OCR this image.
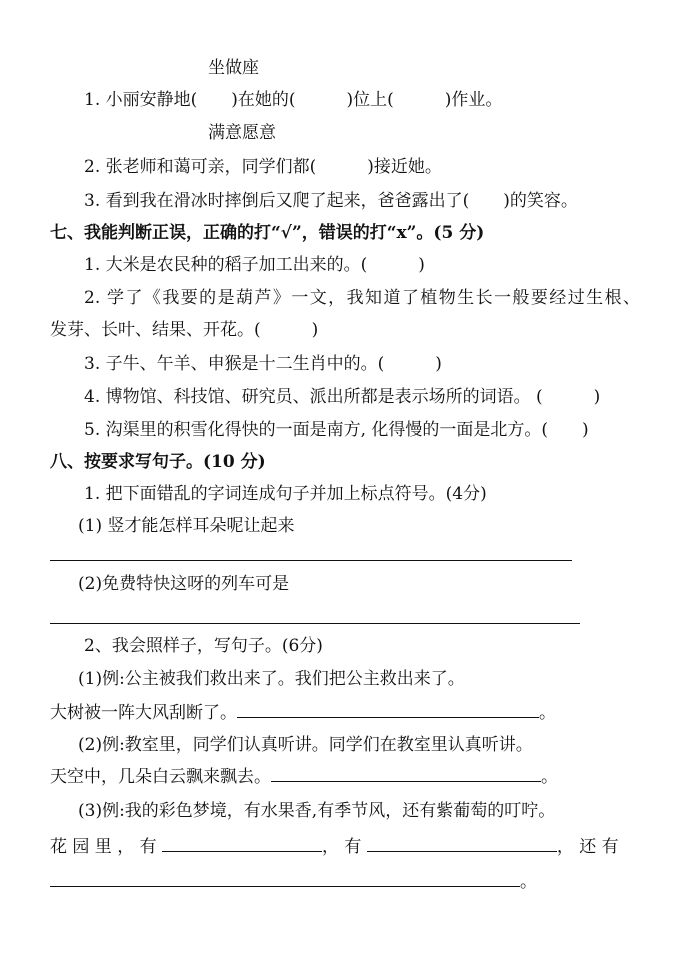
坐做座
1. 小丽安静地(　　)在她的(　　　)位上(　　　)作业。
满意愿意
2. 张老师和蔼可亲，同学们都(　　　)接近她。
3. 看到我在滑冰时摔倒后又爬了起来，爸爸露出了(　　)的笑容。
七、我能判断正误，正确的打“√”，错误的打“x”。(5 分)
1. 大米是农民种的稻子加工出来的。(　　　)
2. 学了《我要的是葫芦》一文，我知道了植物生长一般要经过生根、
发芽、长叶、结果、开花。(　　　)
3. 子牛、午羊、申猴是十二生肖中的。(　　　)
4. 博物馆、科技馆、研究员、派出所都是表示场所的词语。 (　　　)
5. 沟渠里的积雪化得快的一面是南方, 化得慢的一面是北方。(　　)
八、按要求写句子。(10 分)
1. 把下面错乱的字词连成句子并加上标点符号。(4分)
(1) 竖才能怎样耳朵呢让起来
(2)免费特快这呀的列车可是
2、我会照样子，写句子。(6分)
(1)例:公主被我们救出来了。我们把公主救出来了。
大树被一阵大风刮断了。	。
(2)例:教室里，同学们认真听讲。同学们在教室里认真听讲。
天空中，几朵白云飘来飘去。	。
(3)例:我的彩色梦境，有水果香,有季节风，还有紫葡萄的叮咛。
花 园 里 ， 有	， 有	， 还 有
。
